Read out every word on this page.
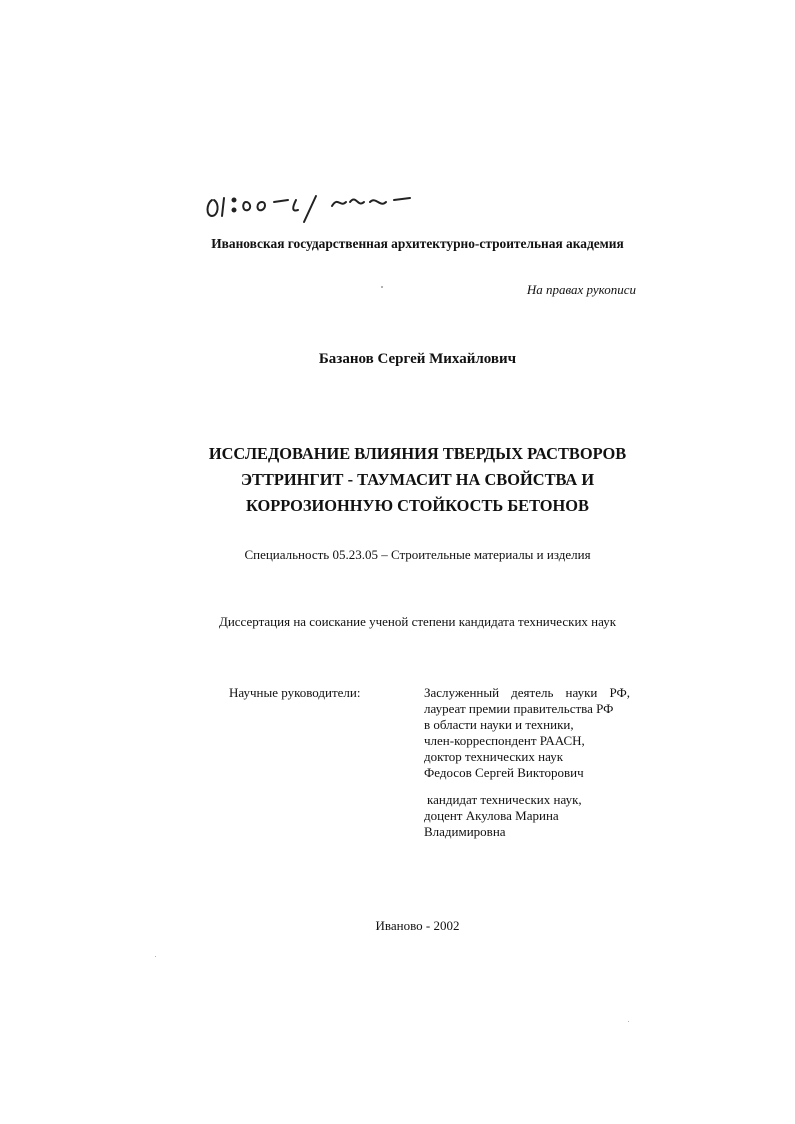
Ивановская государственная архитектурно-строительная академия
На правах рукописи
Базанов Сергей Михайлович
ИССЛЕДОВАНИЕ ВЛИЯНИЯ ТВЕРДЫХ РАСТВОРОВ
ЭТТРИНГИТ - ТАУМАСИТ НА СВОЙСТВА И
КОРРОЗИОННУЮ СТОЙКОСТЬ БЕТОНОВ
Специальность 05.23.05 – Строительные материалы и изделия
Диссертация на соискание ученой степени кандидата технических наук
Научные руководители:	Заслуженный деятель науки РФ,
лауреат премии правительства РФ
в области науки и техники,
член-корреспондент РААСН,
доктор технических наук
Федосов Сергей Викторович
кандидат технических наук,
доцент Акулова Марина
Владимировна
Иваново - 2002
